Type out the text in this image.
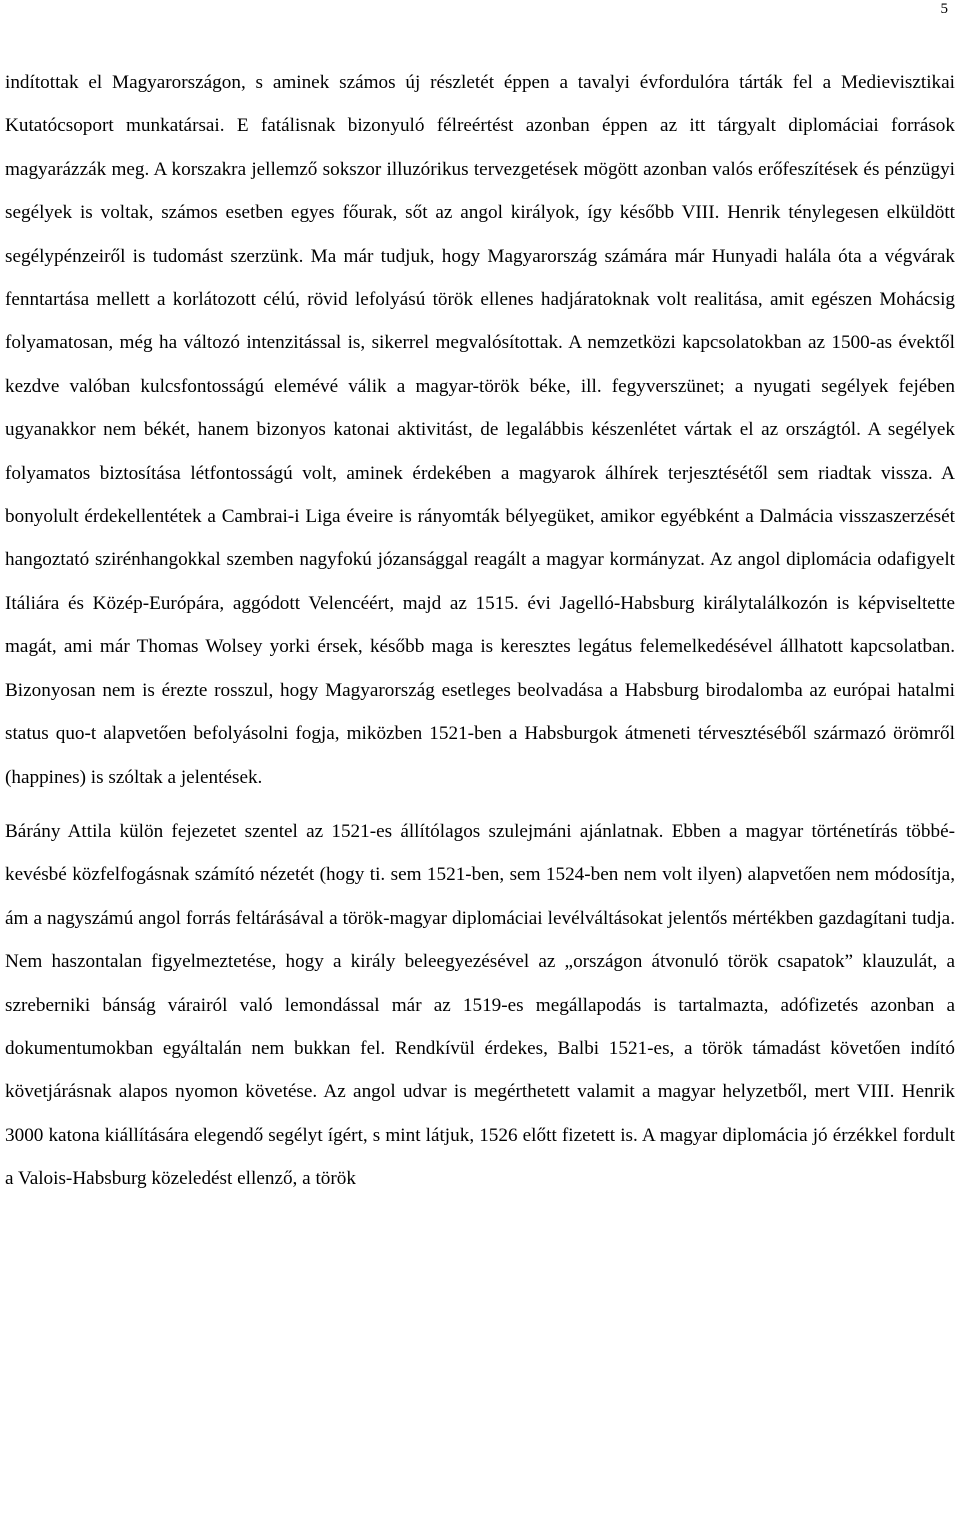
5

indítottak el Magyarországon, s aminek számos új részletét éppen a tavalyi évfordulóra tárták fel a Medievisztikai Kutatócsoport munkatársai. E fatálisnak bizonyuló félreértést azonban éppen az itt tárgyalt diplomáciai források magyarázzák meg. A korszakra jellemző sokszor illuzórikus tervezgetések mögött azonban valós erőfeszítések és pénzügyi segélyek is voltak, számos esetben egyes főurak, sőt az angol királyok, így később VIII. Henrik ténylegesen elküldött segélypénzeiről is tudomást szerzünk. Ma már tudjuk, hogy Magyarország számára már Hunyadi halála óta a végvárak fenntartása mellett a korlátozott célú, rövid lefolyású török ellenes hadjáratoknak volt realitása, amit egészen Mohácsig folyamatosan, még ha változó intenzitással is, sikerrel megvalósítottak. A nemzetközi kapcsolatokban az 1500-as évektől kezdve valóban kulcsfontosságú elemévé válik a magyar-török béke, ill. fegyverszünet; a nyugati segélyek fejében ugyanakkor nem békét, hanem bizonyos katonai aktivitást, de legalábbis készenlétet vártak el az országtól. A segélyek folyamatos biztosítása létfontosságú volt, aminek érdekében a magyarok álhírek terjesztésétől sem riadtak vissza. A bonyolult érdekellentétek a Cambrai-i Liga éveire is rányomták bélyegüket, amikor egyébként a Dalmácia visszaszerzését hangoztató szirénhangokkal szemben nagyfokú józansággal reagált a magyar kormányzat. Az angol diplomácia odafigyelt Itáliára és Közép-Európára, aggódott Velencéért, majd az 1515. évi Jagelló-Habsburg királytalálkozón is képviseltette magát, ami már Thomas Wolsey yorki érsek, később maga is keresztes legátus felemelkedésével állhatott kapcsolatban. Bizonyosan nem is érezte rosszul, hogy Magyarország esetleges beolvadása a Habsburg birodalomba az európai hatalmi status quo-t alapvetően befolyásolni fogja, miközben 1521-ben a Habsburgok átmeneti térvesztéséből származó örömről (happines) is szóltak a jelentések.

Bárány Attila külön fejezetet szentel az 1521-es állítólagos szulejmáni ajánlatnak. Ebben a magyar történetírás többé-kevésbé közfelfogásnak számító nézetét (hogy ti. sem 1521-ben, sem 1524-ben nem volt ilyen) alapvetően nem módosítja, ám a nagyszámú angol forrás feltárásával a török-magyar diplomáciai levélváltásokat jelentős mértékben gazdagítani tudja. Nem haszontalan figyelmeztetése, hogy a király beleegyezésével az „országon átvonuló török csapatok” klauzulát, a szreberniki bánság várairól való lemondással már az 1519-es megállapodás is tartalmazta, adófizetés azonban a dokumentumokban egyáltalán nem bukkan fel. Rendkívül érdekes, Balbi 1521-es, a török támadást követően indító követjárásnak alapos nyomon követése. Az angol udvar is megérthetett valamit a magyar helyzetből, mert VIII. Henrik 3000 katona kiállítására elegendő segélyt ígért, s mint látjuk, 1526 előtt fizetett is. A magyar diplomácia jó érzékkel fordult a Valois-Habsburg közeledést ellenző, a török
